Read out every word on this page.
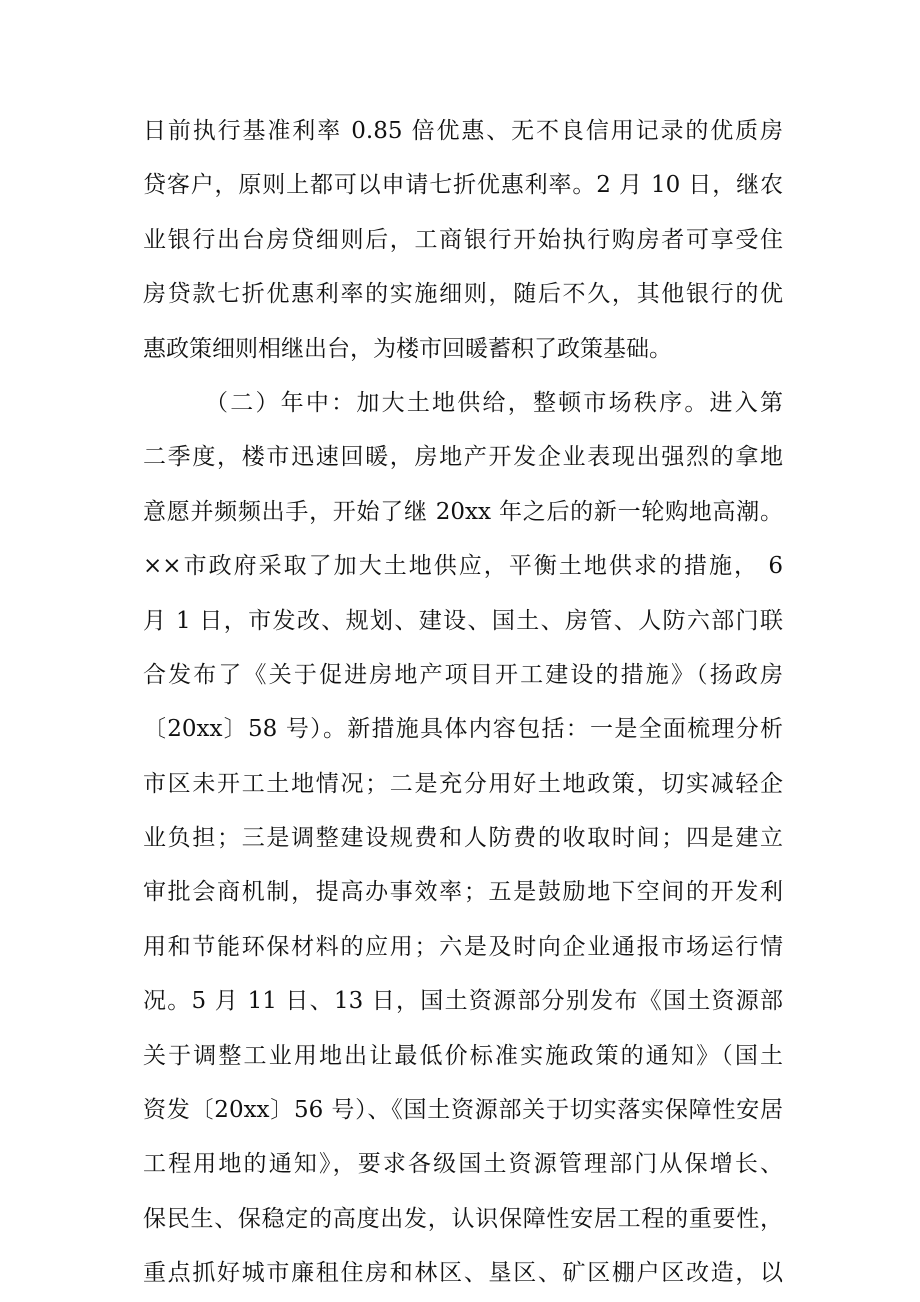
日前执行基准利率 0.85 倍优惠、无不良信用记录的优质房
贷客户，原则上都可以申请七折优惠利率。2 月 10 日，继农
业银行出台房贷细则后，工商银行开始执行购房者可享受住
房贷款七折优惠利率的实施细则，随后不久，其他银行的优
惠政策细则相继出台，为楼市回暖蓄积了政策基础。
（二）年中：加大土地供给，整顿市场秩序。进入第
二季度，楼市迅速回暖，房地产开发企业表现出强烈的拿地
意愿并频频出手，开始了继 20xx 年之后的新一轮购地高潮。
××市政府采取了加大土地供应，平衡土地供求的措施， 6
月 1 日，市发改、规划、建设、国土、房管、人防六部门联
合发布了《关于促进房地产项目开工建设的措施》（扬政房
〔20xx〕58 号）。新措施具体内容包括：一是全面梳理分析
市区未开工土地情况；二是充分用好土地政策，切实减轻企
业负担；三是调整建设规费和人防费的收取时间；四是建立
审批会商机制，提高办事效率；五是鼓励地下空间的开发利
用和节能环保材料的应用；六是及时向企业通报市场运行情
况。5 月 11 日、13 日，国土资源部分别发布《国土资源部
关于调整工业用地出让最低价标准实施政策的通知》（国土
资发〔20xx〕56 号）、《国土资源部关于切实落实保障性安居
工程用地的通知》，要求各级国土资源管理部门从保增长、
保民生、保稳定的高度出发，认识保障性安居工程的重要性，
重点抓好城市廉租住房和林区、垦区、矿区棚户区改造，以
